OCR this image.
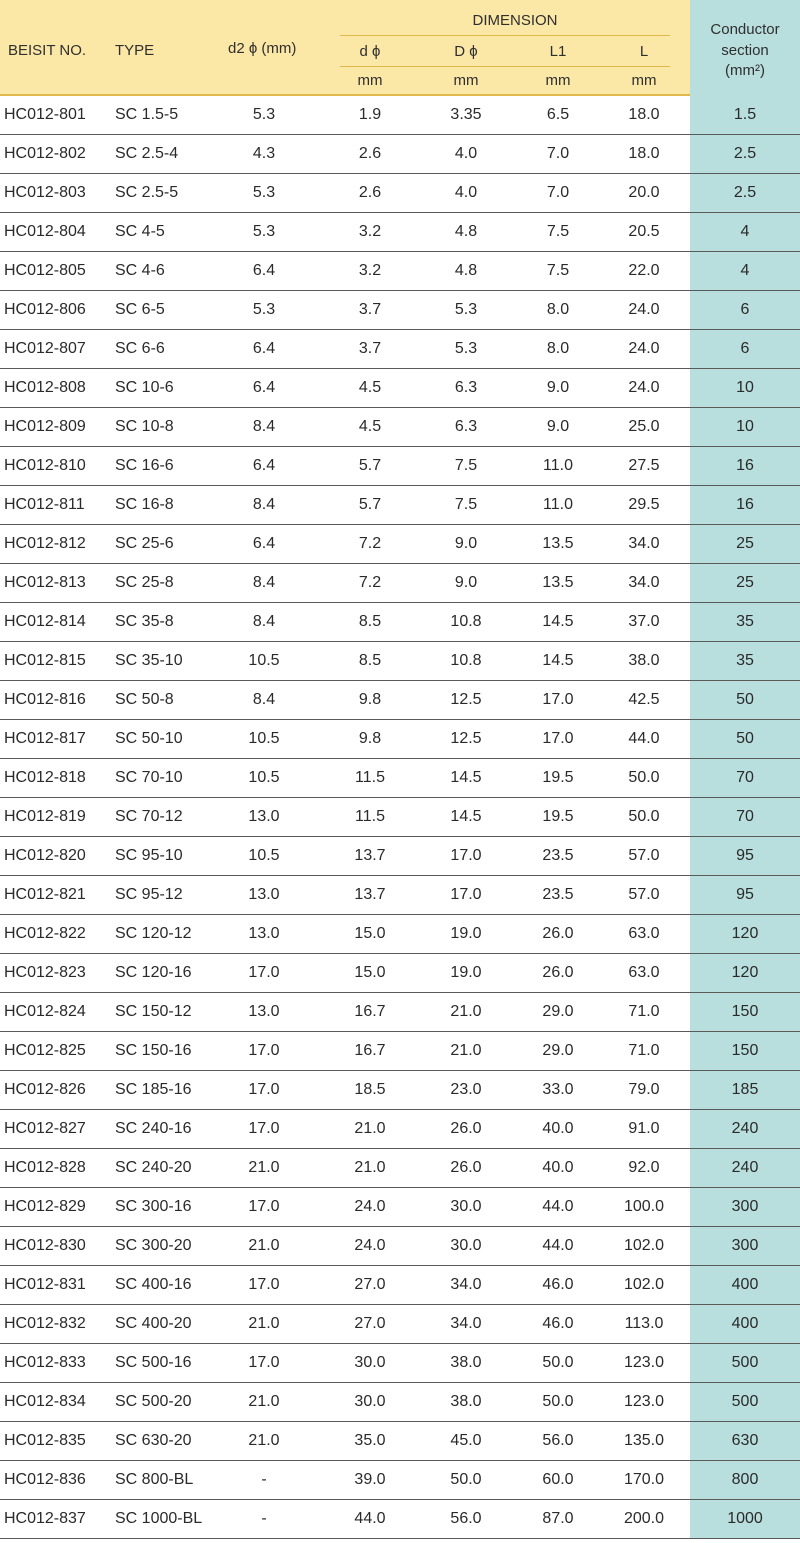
BEISIT NO. TYPE	d2 ϕ (mm)
DIMENSION
d ϕ	D ϕ	L1	L
mm	mm	mm	mm
Conductor
section
(mm²)
HC012-801	SC 1.5-5	5.3	1.9	3.35	6.5	18.0	1.5
HC012-802	SC 2.5-4	4.3	2.6	4.0	7.0	18.0	2.5
HC012-803	SC 2.5-5	5.3	2.6	4.0	7.0	20.0	2.5
HC012-804	SC 4-5	5.3	3.2	4.8	7.5	20.5	4
HC012-805	SC 4-6	6.4	3.2	4.8	7.5	22.0	4
HC012-806	SC 6-5	5.3	3.7	5.3	8.0	24.0	6
HC012-807	SC 6-6	6.4	3.7	5.3	8.0	24.0	6
HC012-808	SC 10-6	6.4	4.5	6.3	9.0	24.0	10
HC012-809	SC 10-8	8.4	4.5	6.3	9.0	25.0	10
HC012-810	SC 16-6	6.4	5.7	7.5	11.0	27.5	16
HC012-811	SC 16-8	8.4	5.7	7.5	11.0	29.5	16
HC012-812	SC 25-6	6.4	7.2	9.0	13.5	34.0	25
HC012-813	SC 25-8	8.4	7.2	9.0	13.5	34.0	25
HC012-814	SC 35-8	8.4	8.5	10.8	14.5	37.0	35
HC012-815	SC 35-10	10.5	8.5	10.8	14.5	38.0	35
HC012-816	SC 50-8	8.4	9.8	12.5	17.0	42.5	50
HC012-817	SC 50-10	10.5	9.8	12.5	17.0	44.0	50
HC012-818	SC 70-10	10.5	11.5	14.5	19.5	50.0	70
HC012-819	SC 70-12	13.0	11.5	14.5	19.5	50.0	70
HC012-820	SC 95-10	10.5	13.7	17.0	23.5	57.0	95
HC012-821	SC 95-12	13.0	13.7	17.0	23.5	57.0	95
HC012-822	SC 120-12	13.0	15.0	19.0	26.0	63.0	120
HC012-823	SC 120-16	17.0	15.0	19.0	26.0	63.0	120
HC012-824	SC 150-12	13.0	16.7	21.0	29.0	71.0	150
HC012-825	SC 150-16	17.0	16.7	21.0	29.0	71.0	150
HC012-826	SC 185-16	17.0	18.5	23.0	33.0	79.0	185
HC012-827	SC 240-16	17.0	21.0	26.0	40.0	91.0	240
HC012-828	SC 240-20	21.0	21.0	26.0	40.0	92.0	240
HC012-829	SC 300-16	17.0	24.0	30.0	44.0	100.0	300
HC012-830	SC 300-20	21.0	24.0	30.0	44.0	102.0	300
HC012-831	SC 400-16	17.0	27.0	34.0	46.0	102.0	400
HC012-832	SC 400-20	21.0	27.0	34.0	46.0	113.0	400
HC012-833	SC 500-16	17.0	30.0	38.0	50.0	123.0	500
HC012-834	SC 500-20	21.0	30.0	38.0	50.0	123.0	500
HC012-835	SC 630-20	21.0	35.0	45.0	56.0	135.0	630
HC012-836	SC 800-BL	-	39.0	50.0	60.0	170.0	800
HC012-837	SC 1000-BL	-	44.0	56.0	87.0	200.0	1000
